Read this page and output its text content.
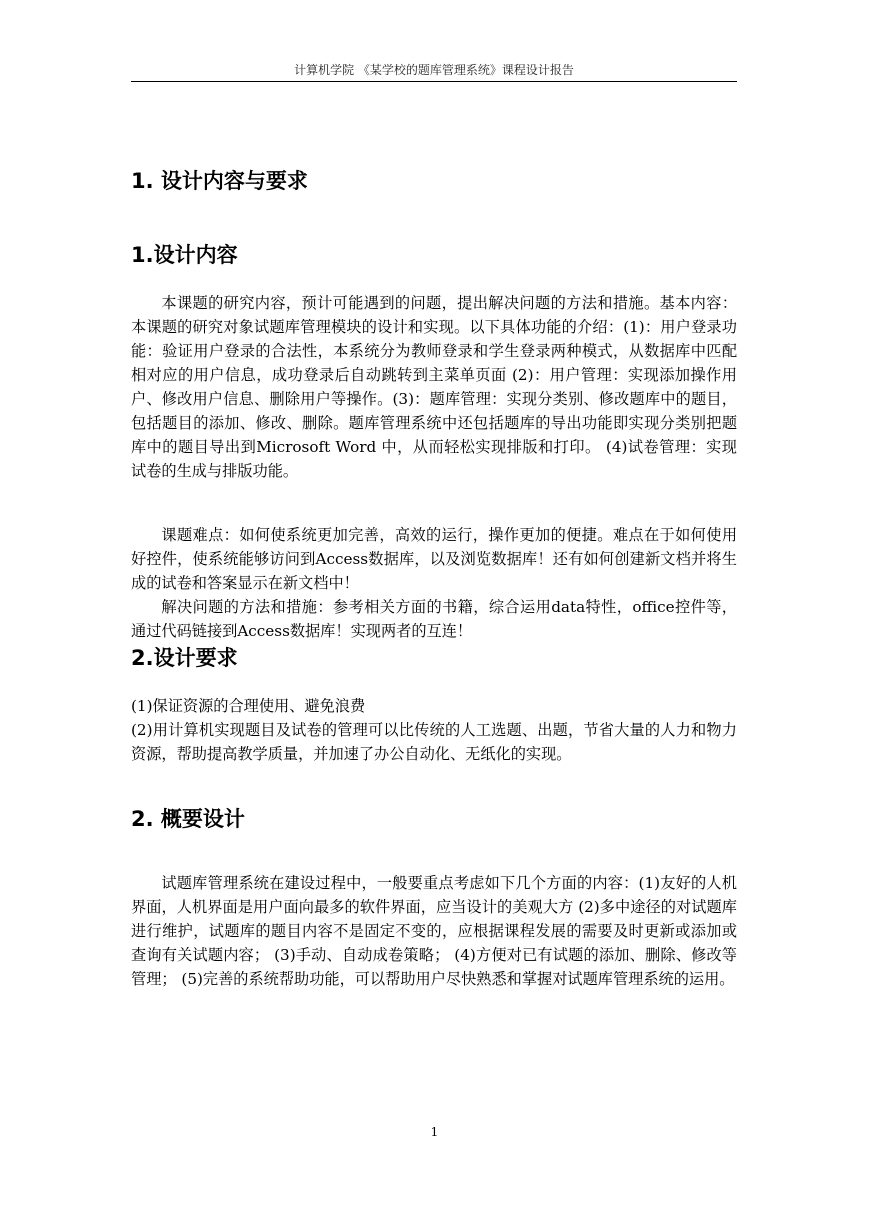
计算机学院 《某学校的题库管理系统》课程设计报告
1. 设计内容与要求
1.设计内容

本课题的研究内容，预计可能遇到的问题，提出解决问题的方法和措施。基本内容：本课题的研究对象试题库管理模块的设计和实现。以下具体功能的介绍：(1)：用户登录功能：验证用户登录的合法性，本系统分为教师登录和学生登录两种模式，从数据库中匹配相对应的用户信息，成功登录后自动跳转到主菜单页面 (2)：用户管理：实现添加操作用户、修改用户信息、删除用户等操作。(3)：题库管理：实现分类别、修改题库中的题目，包括题目的添加、修改、删除。题库管理系统中还包括题库的导出功能即实现分类别把题库中的题目导出到Microsoft Word 中，从而轻松实现排版和打印。 (4)试卷管理：实现试卷的生成与排版功能。

课题难点：如何使系统更加完善，高效的运行，操作更加的便捷。难点在于如何使用好控件，使系统能够访问到Access数据库，以及浏览数据库！还有如何创建新文档并将生成的试卷和答案显示在新文档中！

解决问题的方法和措施：参考相关方面的书籍，综合运用data特性，office控件等，通过代码链接到Access数据库！实现两者的互连！

2.设计要求

(1)保证资源的合理使用、避免浪费

(2)用计算机实现题目及试卷的管理可以比传统的人工选题、出题，节省大量的人力和物力资源，帮助提高教学质量，并加速了办公自动化、无纸化的实现。

2. 概要设计

试题库管理系统在建设过程中，一般要重点考虑如下几个方面的内容：(1)友好的人机界面，人机界面是用户面向最多的软件界面，应当设计的美观大方 (2)多中途径的对试题库进行维护，试题库的题目内容不是固定不变的，应根据课程发展的需要及时更新或添加或查询有关试题内容； (3)手动、自动成卷策略； (4)方便对已有试题的添加、删除、修改等管理； (5)完善的系统帮助功能，可以帮助用户尽快熟悉和掌握对试题库管理系统的运用。

1
